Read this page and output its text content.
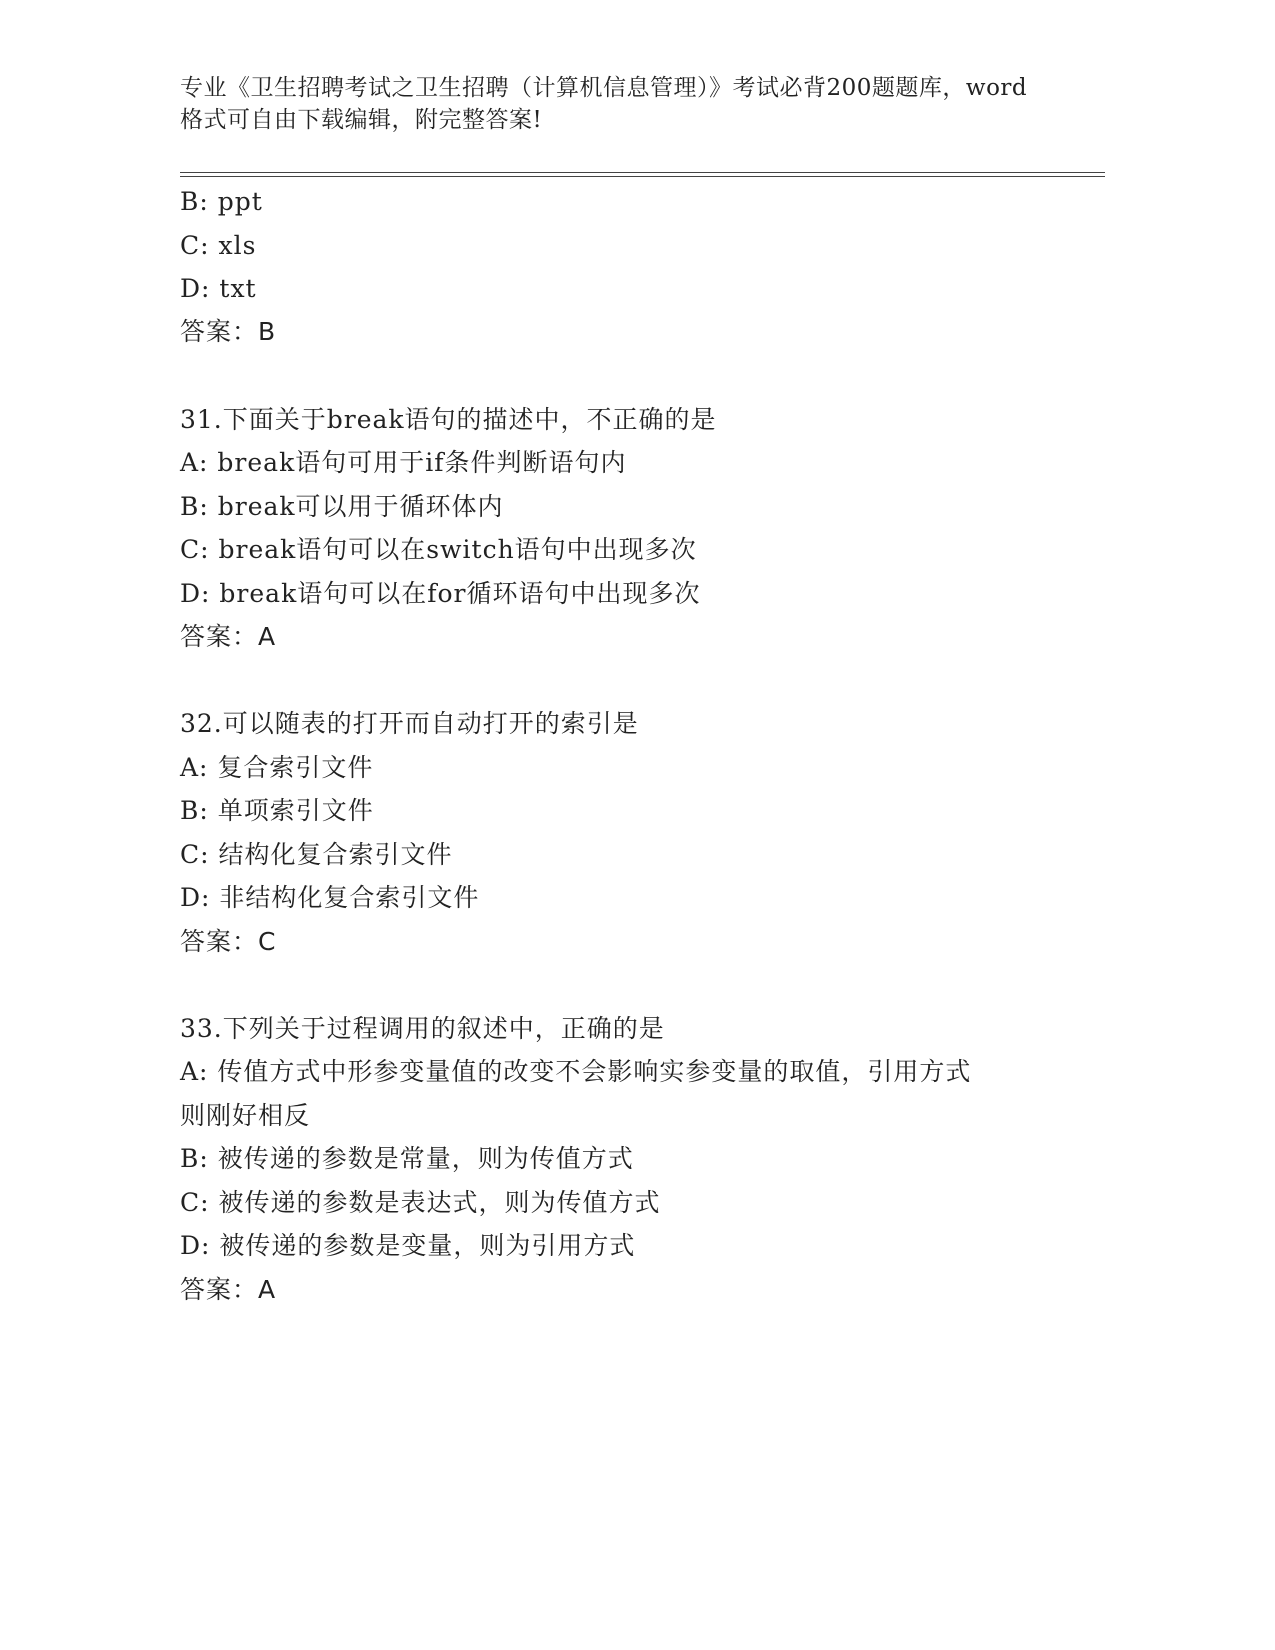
专业《卫生招聘考试之卫生招聘（计算机信息管理）》考试必背200题题库，word
格式可自由下载编辑，附完整答案!
B: ppt
C: xls
D: txt
答案：B
31.下面关于break语句的描述中，不正确的是
A: break语句可用于if条件判断语句内
B: break可以用于循环体内
C: break语句可以在switch语句中出现多次
D: break语句可以在for循环语句中出现多次
答案：A
32.可以随表的打开而自动打开的索引是
A: 复合索引文件
B: 单项索引文件
C: 结构化复合索引文件
D: 非结构化复合索引文件
答案：C
33.下列关于过程调用的叙述中，正确的是
A: 传值方式中形参变量值的改变不会影响实参变量的取值，引用方式
则刚好相反
B: 被传递的参数是常量，则为传值方式
C: 被传递的参数是表达式，则为传值方式
D: 被传递的参数是变量，则为引用方式
答案：A
